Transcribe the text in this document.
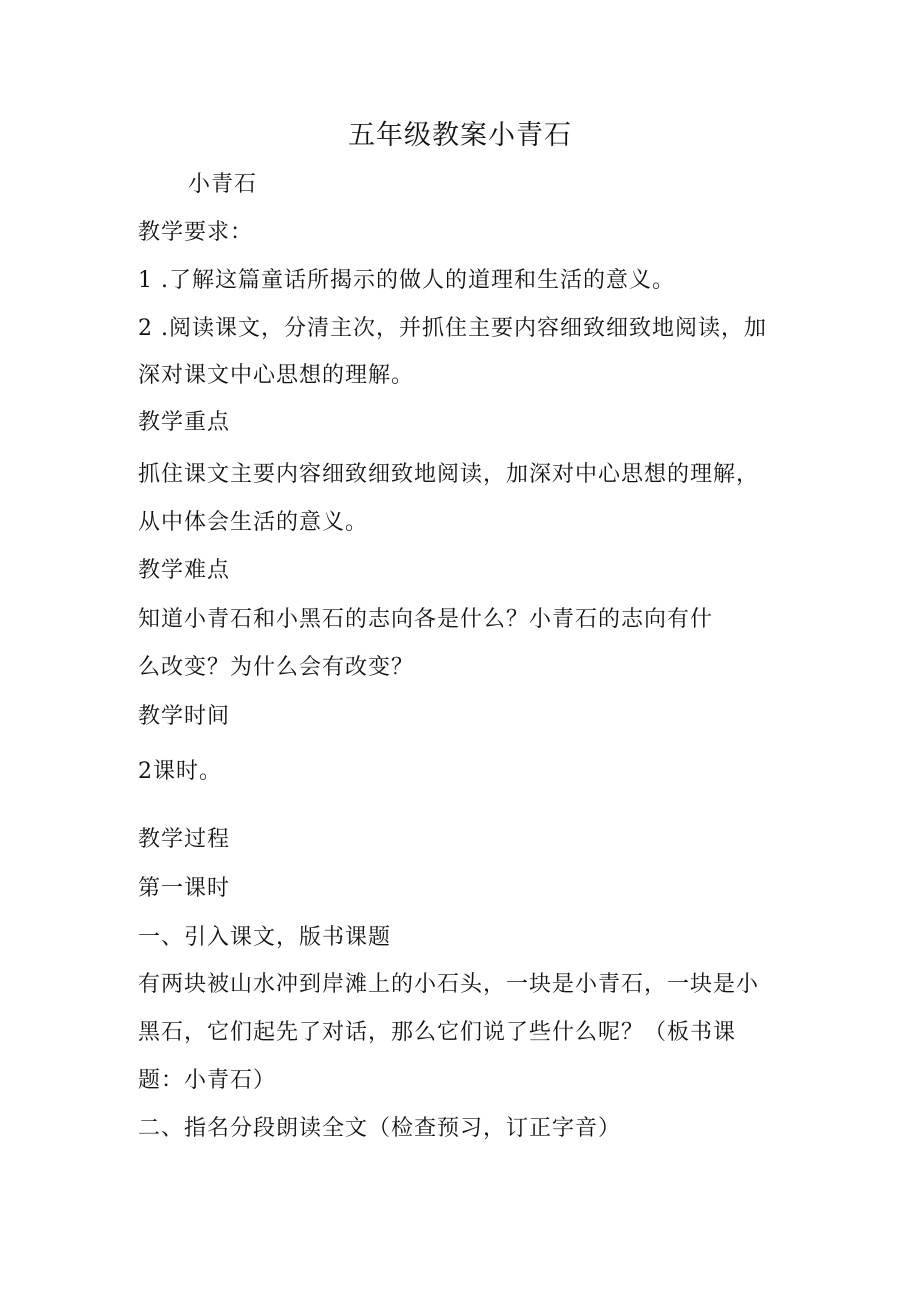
五年级教案小青石
小青石
教学要求：
1 .了解这篇童话所揭示的做人的道理和生活的意义。
2 .阅读课文，分清主次，并抓住主要内容细致细致地阅读，加
深对课文中心思想的理解。
教学重点
抓住课文主要内容细致细致地阅读，加深对中心思想的理解，
从中体会生活的意义。
教学难点
知道小青石和小黑石的志向各是什么？小青石的志向有什
么改变？为什么会有改变？
教学时间
2课时。
教学过程
第一课时
一、引入课文，版书课题
有两块被山水冲到岸滩上的小石头，一块是小青石，一块是小
黑石，它们起先了对话，那么它们说了些什么呢？（板书课
题：小青石）
二、指名分段朗读全文（检查预习，订正字音）
